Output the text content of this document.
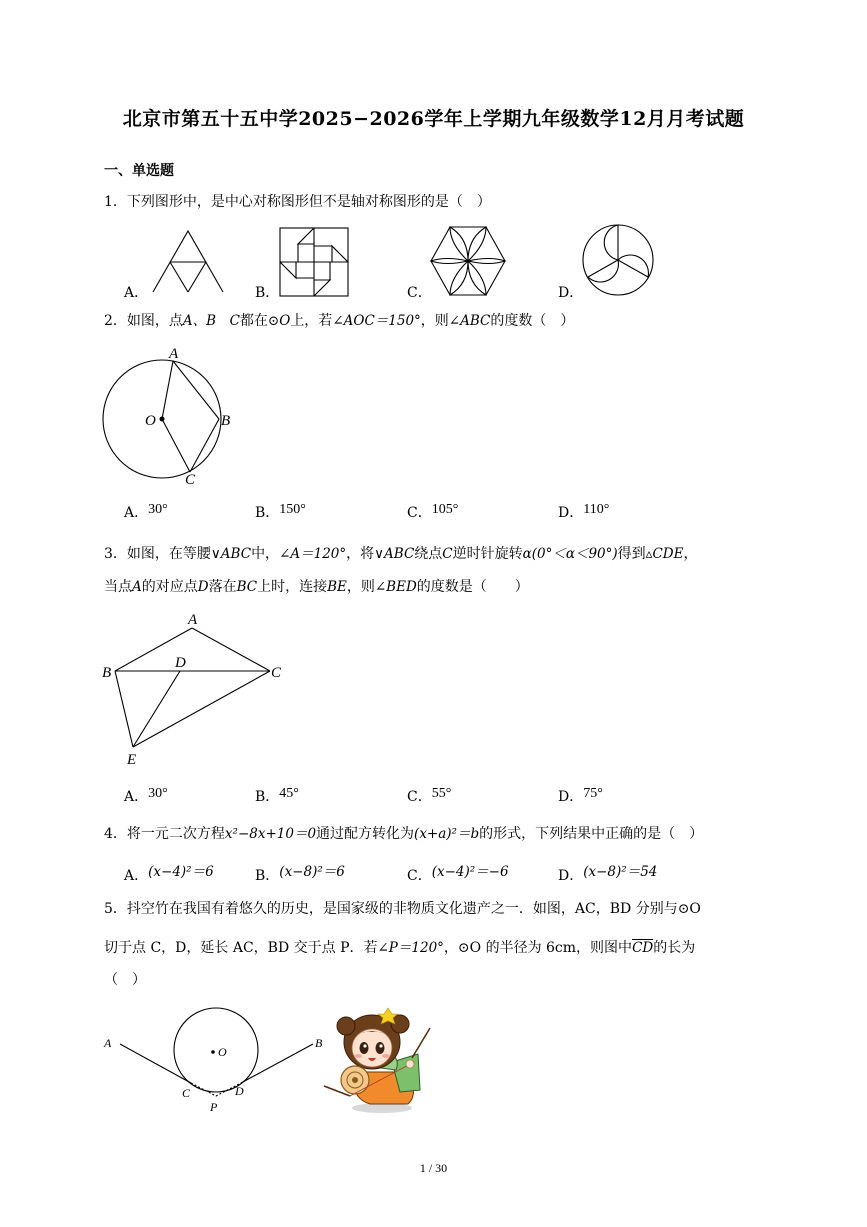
北京市第五十五中学2025−2026学年上学期九年级数学12月月考试题
一、单选题
1．下列图形中，是中心对称图形但不是轴对称图形的是（　）
A．	B．	C．	D．
2．如图，点A、B　C都在⊙O上，若∠AOC＝150°，则∠ABC的度数（　）
A
O	B
C
A．30°	B．150°	C．105°	D．110°
3．如图，在等腰∨ABC中，∠A＝120°，将∨ABC绕点C逆时针旋转α(0°＜α＜90°)得到▵CDE，
当点A的对应点D落在BC上时，连接BE，则∠BED的度数是（　　）
A
B
D
C
E
A．30°	B．45°	C．55°	D．75°
4．将一元二次方程x²−8x+10＝0通过配方转化为(x+a)²＝b的形式，下列结果中正确的是（　）
A．(x−4)²＝6	B．(x−8)²＝6	C．(x−4)²＝−6	D．(x−8)²＝54
5．抖空竹在我国有着悠久的历史，是国家级的非物质文化遗产之一．如图，AC，BD 分别与⊙O
切于点 C，D，延长 AC，BD 交于点 P．若∠P＝120°，⊙O 的半径为 6cm，则图中$\overline{CD}$的长为
（　）
A
O
B
C	D
P
1 / 30
